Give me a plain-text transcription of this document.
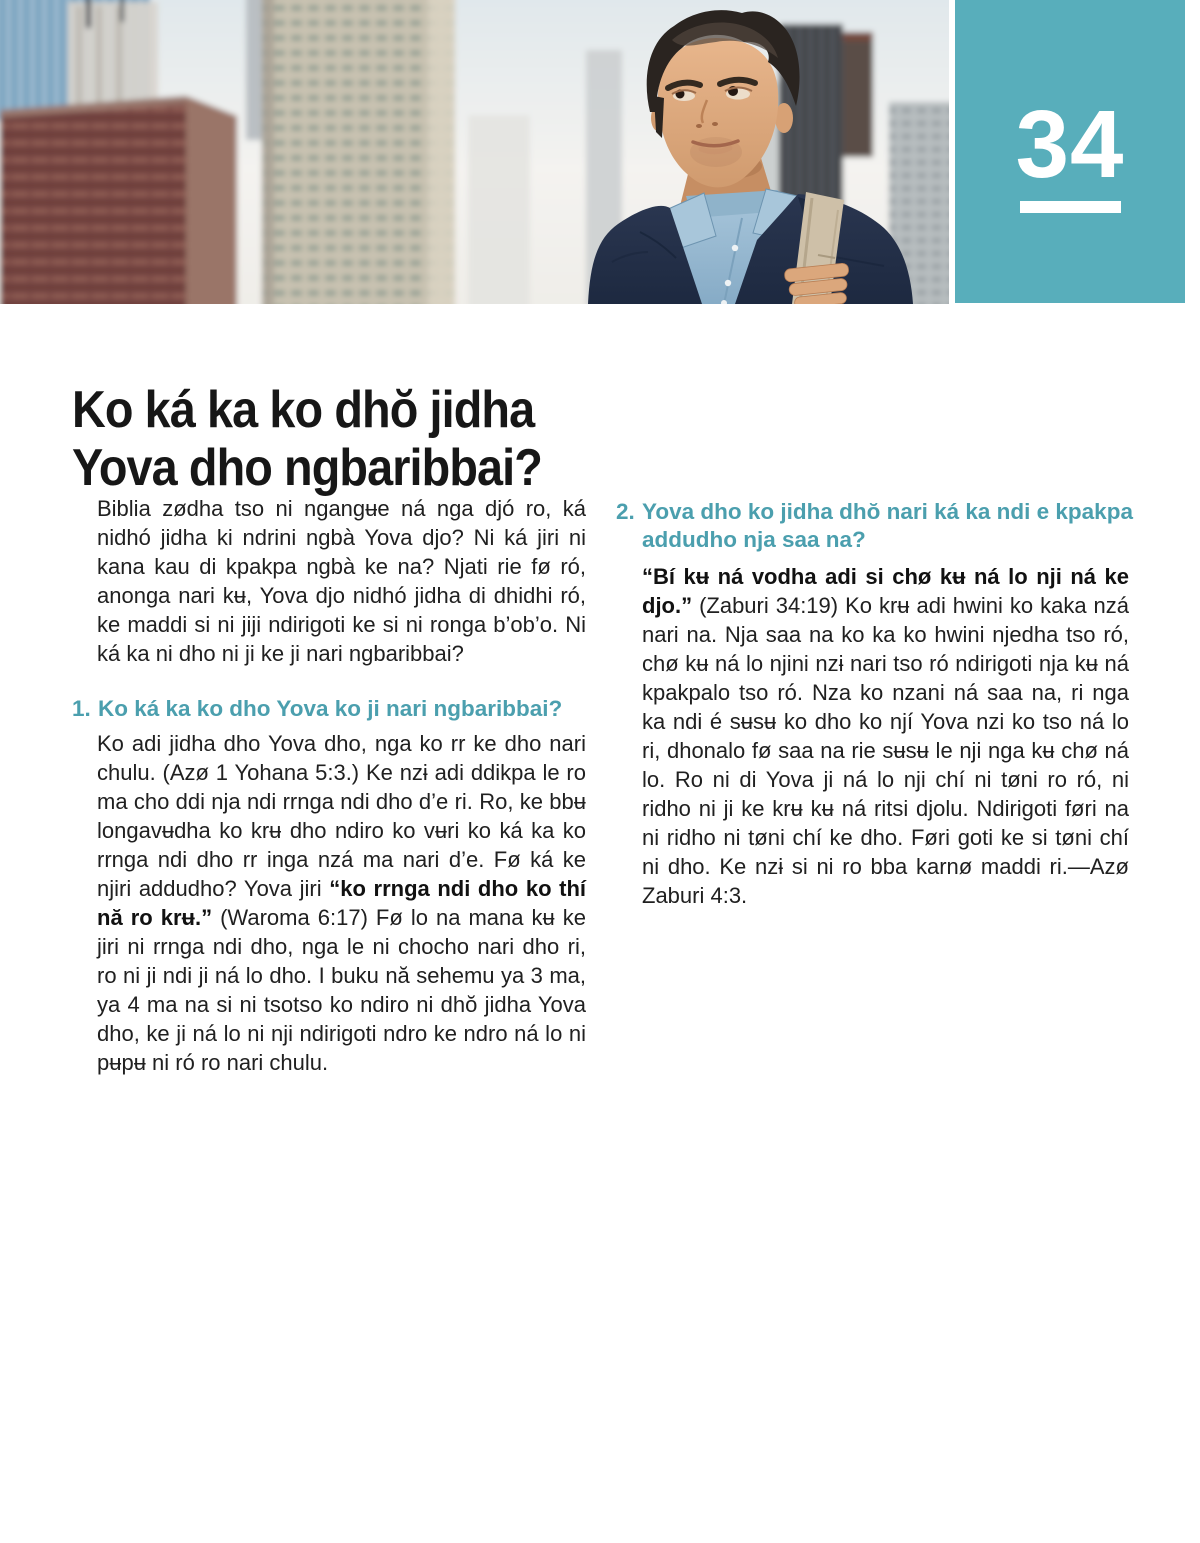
34
Ko ká ka ko dhŏ jidha
Yova dho ngbaribbai?

Biblia zødha tso ni ngangʉe ná nga djó ro, ká nidhó jidha ki ndrini ngbà Yova djo? Ni ká jiri ni kana kau di kpakpa ngbà ke na? Njati rie fø ró, anonga nari kʉ, Yova djo nidhó jidha di dhidhi ró, ke maddi si ni jiji ndirigoti ke si ni ronga b’ob’o. Ni ká ka ni dho ni ji ke ji nari ngbaribbai?

1. Ko ká ka ko dho Yova ko ji nari ngbaribbai?

Ko adi jidha dho Yova dho, nga ko rr ke dho nari chulu. (Azø 1 Yohana 5:3.) Ke nzɨ adi ddikpa le ro ma cho ddi nja ndi rrnga ndi dho d’e ri. Ro, ke bbʉ longavʉdha ko krʉ dho ndiro ko vʉri ko ká ka ko rrnga ndi dho rr inga nzá ma nari d’e. Fø ká ke njiri addudho? Yova jiri “ko rrnga ndi dho ko thí nă ro krʉ.” (Waroma 6:17) Fø lo na mana kʉ ke jiri ni rrnga ndi dho, nga le ni chocho nari dho ri, ro ni ji ndi ji ná lo dho. I buku nă sehemu ya 3 ma, ya 4 ma na si ni tsotso ko ndiro ni dhŏ jidha Yova dho, ke ji ná lo ni nji ndirigoti ndro ke ndro ná lo ni pʉpʉ ni ró ro nari chulu.

2. Yova dho ko jidha dhŏ nari ká ka ndi e kpakpa addudho nja saa na?

“Bí kʉ ná vodha adi si chø kʉ ná lo nji ná ke djo.” (Zaburi 34:19) Ko krʉ adi hwini ko kaka nzá nari na. Nja saa na ko ka ko hwini njedha tso ró, chø kʉ ná lo njini nzɨ nari tso ró ndirigoti nja kʉ ná kpakpalo tso ró. Nza ko nzani ná saa na, ri nga ka ndi é sʉsʉ ko dho ko njí Yova nzi ko tso ná lo ri, dhonalo fø saa na rie sʉsʉ le nji nga kʉ chø ná lo. Ro ni di Yova ji ná lo nji chí ni tøni ro ró, ni ridho ni ji ke krʉ kʉ ná ritsi djolu. Ndirigoti føri na ni ridho ni tøni chí ke dho. Føri goti ke si tøni chí ni dho. Ke nzɨ si ni ro bba karnø maddi ri.—Azø Zaburi 4:3.
